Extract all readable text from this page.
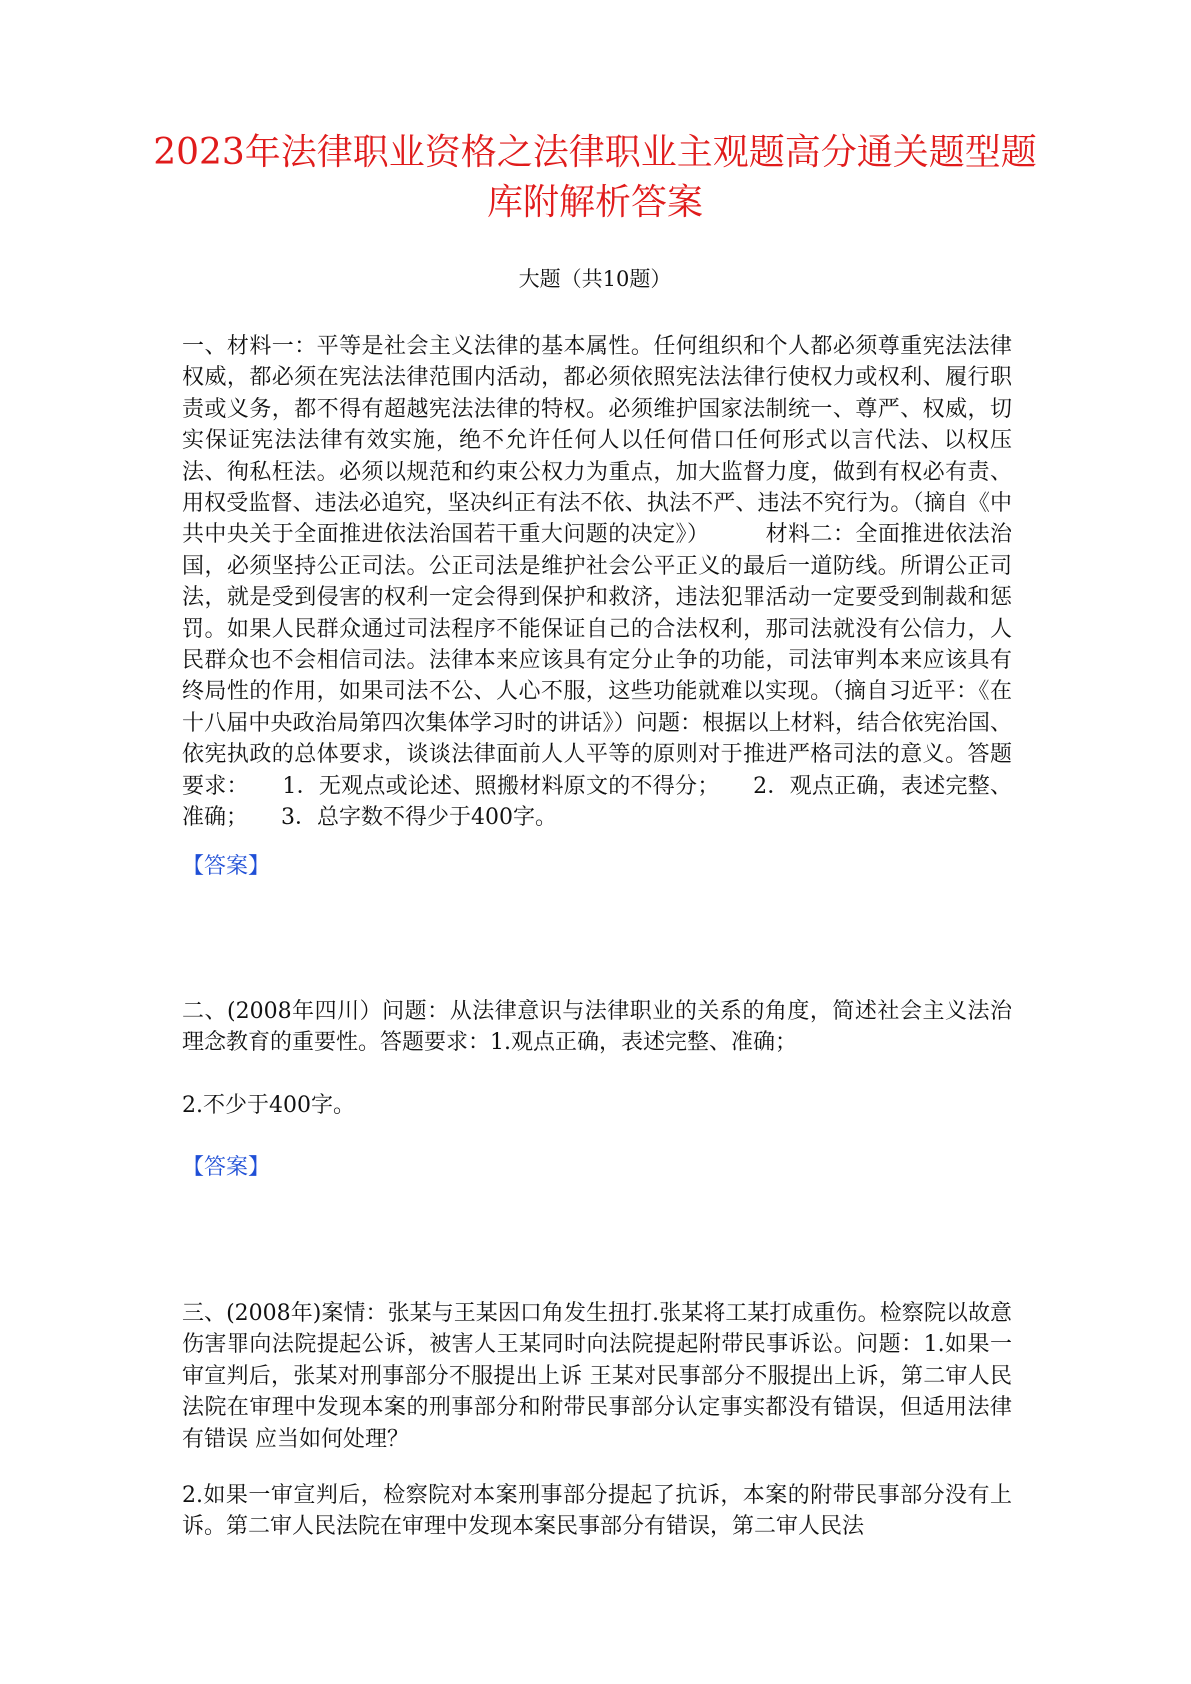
2023年法律职业资格之法律职业主观题高分通关题型题库附解析答案

大题（共10题）

一、材料一：平等是社会主义法律的基本属性。任何组织和个人都必须尊重宪法法律权威，都必须在宪法法律范围内活动，都必须依照宪法法律行使权力或权利、履行职责或义务，都不得有超越宪法法律的特权。必须维护国家法制统一、尊严、权威，切实保证宪法法律有效实施，绝不允许任何人以任何借口任何形式以言代法、以权压法、徇私枉法。必须以规范和约束公权力为重点，加大监督力度，做到有权必有责、用权受监督、违法必追究，坚决纠正有法不依、执法不严、违法不究行为。（摘自《中共中央关于全面推进依法治国若干重大问题的决定》）　　　材料二：全面推进依法治国，必须坚持公正司法。公正司法是维护社会公平正义的最后一道防线。所谓公正司法，就是受到侵害的权利一定会得到保护和救济，违法犯罪活动一定要受到制裁和惩罚。如果人民群众通过司法程序不能保证自己的合法权利，那司法就没有公信力，人民群众也不会相信司法。法律本来应该具有定分止争的功能，司法审判本来应该具有终局性的作用，如果司法不公、人心不服，这些功能就难以实现。（摘自习近平：《在十八届中央政治局第四次集体学习时的讲话》）问题：根据以上材料，结合依宪治国、依宪执政的总体要求，谈谈法律面前人人平等的原则对于推进严格司法的意义。答题要求：　　1．无观点或论述、照搬材料原文的不得分；　　2．观点正确，表述完整、准确；　　3．总字数不得少于400字。

【答案】

二、(2008年四川）问题：从法律意识与法律职业的关系的角度，简述社会主义法治理念教育的重要性。答题要求：1.观点正确，表述完整、准确；

2.不少于400字。

【答案】

三、(2008年)案情：张某与王某因口角发生扭打.张某将工某打成重伤。检察院以故意伤害罪向法院提起公诉，被害人王某同时向法院提起附带民事诉讼。问题：1.如果一审宣判后，张某对刑事部分不服提出上诉 王某对民事部分不服提出上诉，第二审人民法院在审理中发现本案的刑事部分和附带民事部分认定事实都没有错误，但适用法律有错误 应当如何处理？

2.如果一审宣判后，检察院对本案刑事部分提起了抗诉，本案的附带民事部分没有上诉。第二审人民法院在审理中发现本案民事部分有错误，第二审人民法
